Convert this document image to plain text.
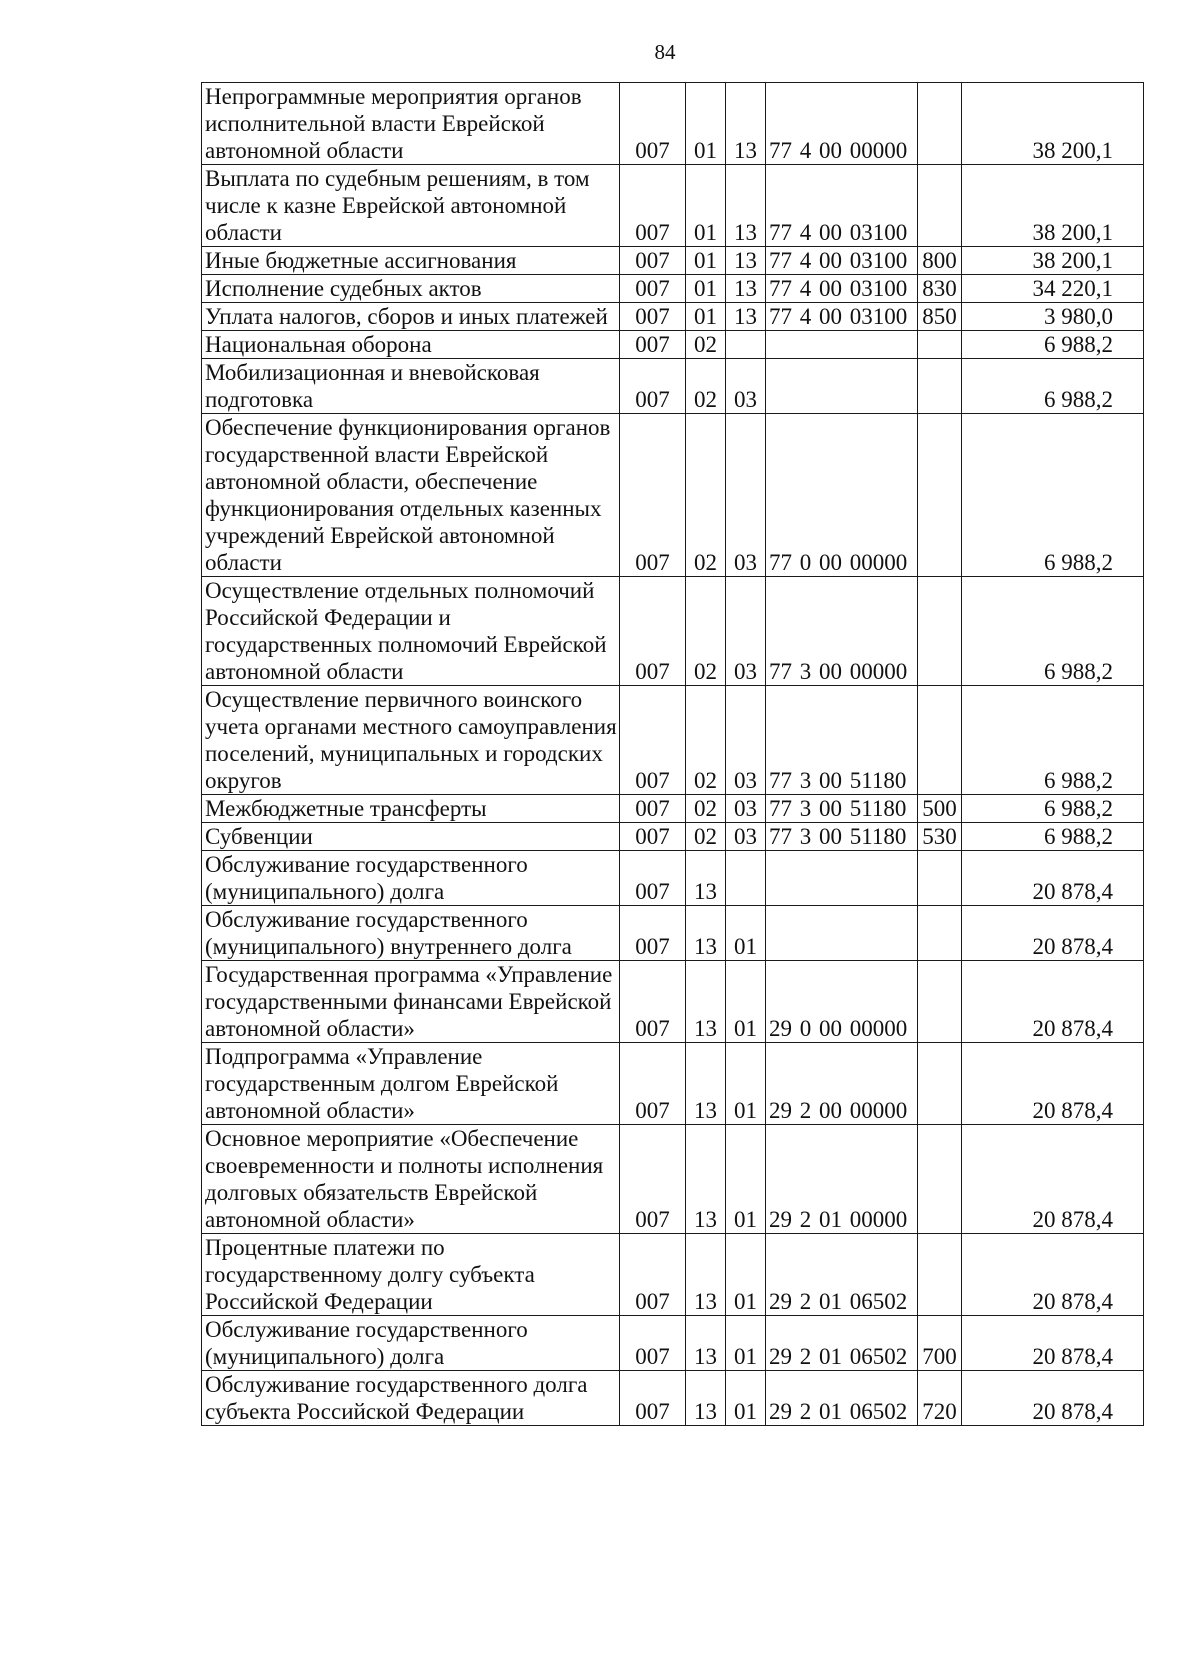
84
Непрограммные мероприятия органов исполнительной власти Еврейской автономной области	007	01	13	77 4 00 00000		38 200,1
Выплата по судебным решениям, в том числе к казне Еврейской автономной области	007	01	13	77 4 00 03100		38 200,1
Иные бюджетные ассигнования	007	01	13	77 4 00 03100	800	38 200,1
Исполнение судебных актов	007	01	13	77 4 00 03100	830	34 220,1
Уплата налогов, сборов и иных платежей	007	01	13	77 4 00 03100	850	3 980,0
Национальная оборона	007	02				6 988,2
Мобилизационная и вневойсковая подготовка	007	02	03			6 988,2
Обеспечение функционирования органов государственной власти Еврейской автономной области, обеспечение функционирования отдельных казенных учреждений Еврейской автономной области	007	02	03	77 0 00 00000		6 988,2
Осуществление отдельных полномочий Российской Федерации и государственных полномочий Еврейской автономной области	007	02	03	77 3 00 00000		6 988,2
Осуществление первичного воинского учета органами местного самоуправления поселений, муниципальных и городских округов	007	02	03	77 3 00 51180		6 988,2
Межбюджетные трансферты	007	02	03	77 3 00 51180	500	6 988,2
Субвенции	007	02	03	77 3 00 51180	530	6 988,2
Обслуживание государственного (муниципального) долга	007	13				20 878,4
Обслуживание государственного (муниципального) внутреннего долга	007	13	01			20 878,4
Государственная программа «Управление государственными финансами Еврейской автономной области»	007	13	01	29 0 00 00000		20 878,4
Подпрограмма «Управление государственным долгом Еврейской автономной области»	007	13	01	29 2 00 00000		20 878,4
Основное мероприятие «Обеспечение своевременности и полноты исполнения долговых обязательств Еврейской автономной области»	007	13	01	29 2 01 00000		20 878,4
Процентные платежи по государственному долгу субъекта Российской Федерации	007	13	01	29 2 01 06502		20 878,4
Обслуживание государственного (муниципального) долга	007	13	01	29 2 01 06502	700	20 878,4
Обслуживание государственного долга субъекта Российской Федерации	007	13	01	29 2 01 06502	720	20 878,4
